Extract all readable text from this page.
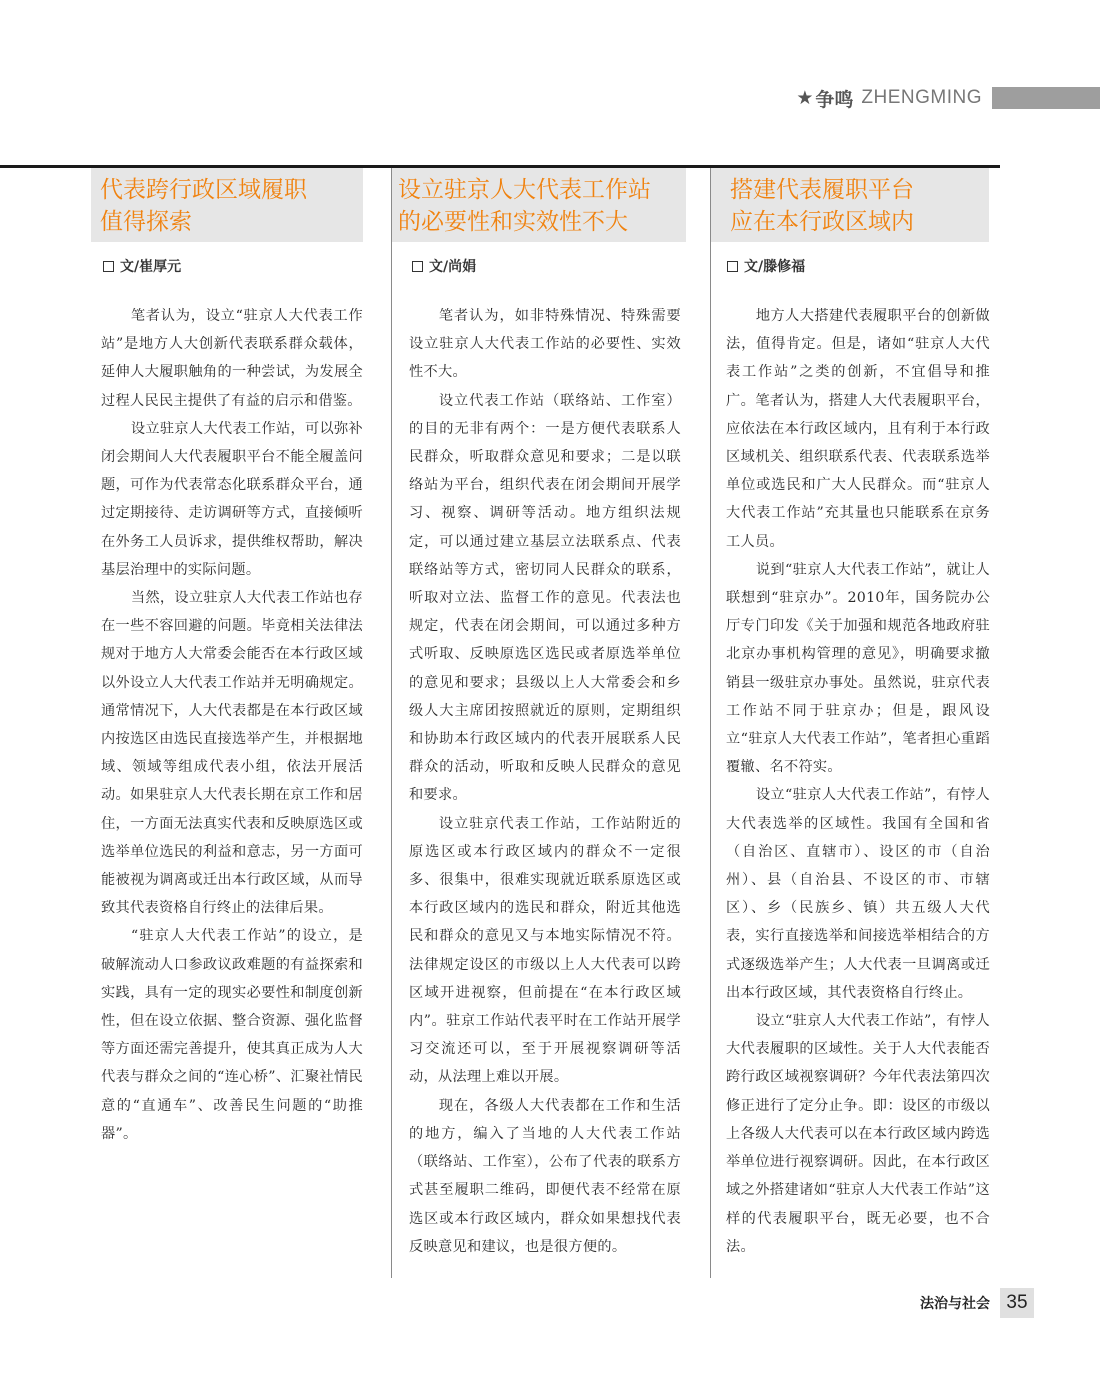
★ 争鸣 ZHENGMING
代表跨行政区域履职
值得探索
文/崔厚元

笔者认为，设立“驻京人大代表工作站”是地方人大创新代表联系群众载体，延伸人大履职触角的一种尝试，为发展全过程人民民主提供了有益的启示和借鉴。

设立驻京人大代表工作站，可以弥补闭会期间人大代表履职平台不能全履盖问题，可作为代表常态化联系群众平台，通过定期接待、走访调研等方式，直接倾听在外务工人员诉求，提供维权帮助，解决基层治理中的实际问题。

当然，设立驻京人大代表工作站也存在一些不容回避的问题。毕竟相关法律法规对于地方人大常委会能否在本行政区域以外设立人大代表工作站并无明确规定。通常情况下，人大代表都是在本行政区域内按选区由选民直接选举产生，并根据地域、领域等组成代表小组，依法开展活动。如果驻京人大代表长期在京工作和居住，一方面无法真实代表和反映原选区或选举单位选民的利益和意志，另一方面可能被视为调离或迁出本行政区域，从而导致其代表资格自行终止的法律后果。

“驻京人大代表工作站”的设立，是破解流动人口参政议政难题的有益探索和实践，具有一定的现实必要性和制度创新性，但在设立依据、整合资源、强化监督等方面还需完善提升，使其真正成为人大代表与群众之间的“连心桥”、汇聚社情民意的“直通车”、改善民生问题的“助推器”。

设立驻京人大代表工作站
的必要性和实效性不大
文/尚娟

笔者认为，如非特殊情况、特殊需要设立驻京人大代表工作站的必要性、实效性不大。

设立代表工作站（联络站、工作室）的目的无非有两个：一是方便代表联系人民群众，听取群众意见和要求；二是以联络站为平台，组织代表在闭会期间开展学习、视察、调研等活动。地方组织法规定，可以通过建立基层立法联系点、代表联络站等方式，密切同人民群众的联系，听取对立法、监督工作的意见。代表法也规定，代表在闭会期间，可以通过多种方式听取、反映原选区选民或者原选举单位的意见和要求；县级以上人大常委会和乡级人大主席团按照就近的原则，定期组织和协助本行政区域内的代表开展联系人民群众的活动，听取和反映人民群众的意见和要求。

设立驻京代表工作站，工作站附近的原选区或本行政区域内的群众不一定很多、很集中，很难实现就近联系原选区或本行政区域内的选民和群众，附近其他选民和群众的意见又与本地实际情况不符。法律规定设区的市级以上人大代表可以跨区域开进视察，但前提在“在本行政区域内”。驻京工作站代表平时在工作站开展学习交流还可以，至于开展视察调研等活动，从法理上难以开展。

现在，各级人大代表都在工作和生活的地方，编入了当地的人大代表工作站（联络站、工作室），公布了代表的联系方式甚至履职二维码，即便代表不经常在原选区或本行政区域内，群众如果想找代表反映意见和建议，也是很方便的。

搭建代表履职平台
应在本行政区域内
文/滕修福

地方人大搭建代表履职平台的创新做法，值得肯定。但是，诸如“驻京人大代表工作站”之类的创新，不宜倡导和推广。笔者认为，搭建人大代表履职平台，应依法在本行政区域内，且有利于本行政区域机关、组织联系代表、代表联系选举单位或选民和广大人民群众。而“驻京人大代表工作站”充其量也只能联系在京务工人员。

说到“驻京人大代表工作站”，就让人联想到“驻京办”。2010年，国务院办公厅专门印发《关于加强和规范各地政府驻北京办事机构管理的意见》，明确要求撤销县一级驻京办事处。虽然说，驻京代表工作站不同于驻京办；但是，跟风设立“驻京人大代表工作站”，笔者担心重蹈覆辙、名不符实。

设立“驻京人大代表工作站”，有悖人大代表选举的区域性。我国有全国和省（自治区、直辖市）、设区的市（自治州）、县（自治县、不设区的市、市辖区）、乡（民族乡、镇）共五级人大代表，实行直接选举和间接选举相结合的方式逐级选举产生；人大代表一旦调离或迁出本行政区域，其代表资格自行终止。

设立“驻京人大代表工作站”，有悖人大代表履职的区域性。关于人大代表能否跨行政区域视察调研？今年代表法第四次修正进行了定分止争。即：设区的市级以上各级人大代表可以在本行政区域内跨选举单位进行视察调研。因此，在本行政区域之外搭建诸如“驻京人大代表工作站”这样的代表履职平台，既无必要，也不合法。

法治与社会 35
